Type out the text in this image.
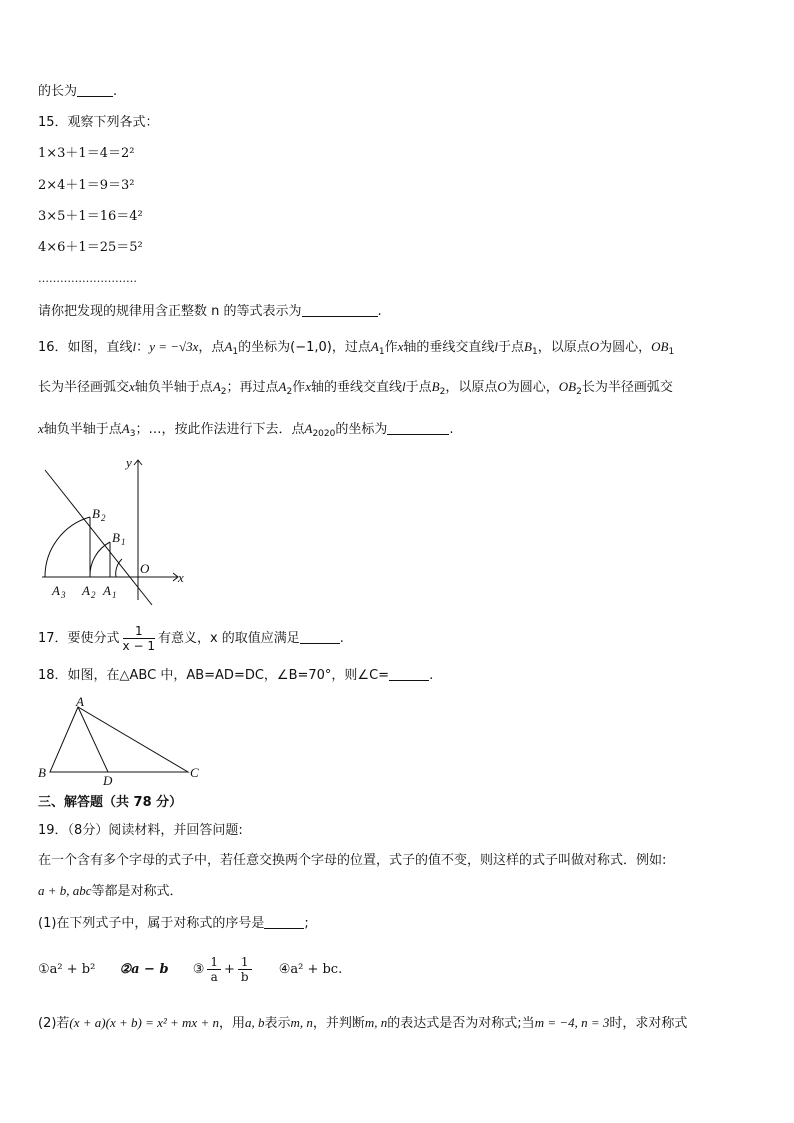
的长为	.
15．观察下列各式：
1×3＋1＝4＝2²
2×4＋1＝9＝3²
3×5＋1＝16＝4²
4×6＋1＝25＝5²
………………………
请你把发现的规律用含正整数 n 的等式表示为	.
16．如图，直线l：y = −√3x，点$A_1$的坐标为(−1,0)，过点$A_1$作x轴的垂线交直线l于点$B_1$，以原点O为圆心，$OB_1$
长为半径画弧交x轴负半轴于点$A_2$；再过点$A_2$作x轴的垂线交直线l于点$B_2$，以原点O为圆心，$OB_2$长为半径画弧交
x轴负半轴于点$A_3$；…，按此作法进行下去．点$A_{2020}$的坐标为	.
y
x
O
B 2
B 1
A 3 A 2 A 1
17．要使分式 $\frac{1}{x - 1}$ 有意义，x 的取值应满足	.
18．如图，在△ABC 中，AB=AD=DC，∠B=70°，则∠C=	.
A
B	C
D
三、解答题（共 78 分）
19．（8分）阅读材料，并回答问题:
在一个含有多个字母的式子中，若任意交换两个字母的位置，式子的值不变，则这样的式子叫做对称式．例如:
a + b, abc等都是对称式．
(1)在下列式子中，属于对称式的序号是	;
①a² + b² ②a − b ③ $\frac{1}{a} + \frac{1}{b}$ ④a² + bc.
(2)若(x + a)(x + b) = x² + mx + n，用a, b表示m, n，并判断m, n的表达式是否为对称式;当m = −4, n = 3时，求对称式
